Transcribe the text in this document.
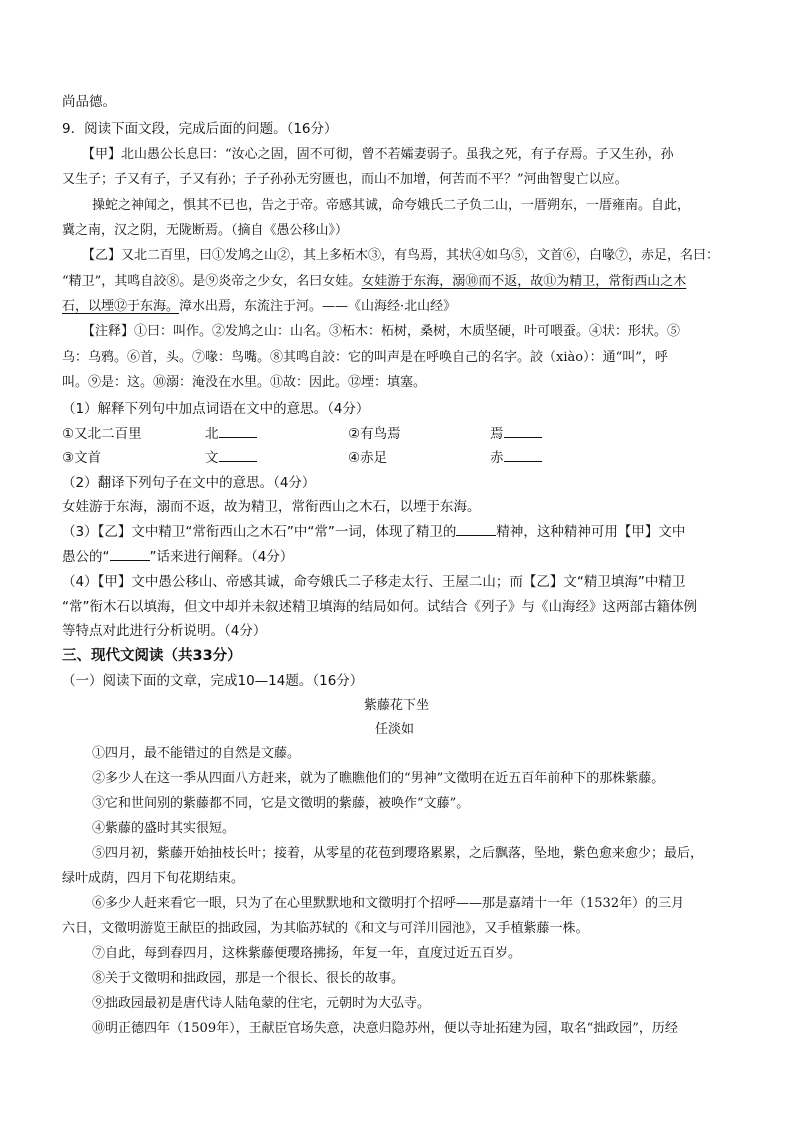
尚品德。
9．阅读下面文段，完成后面的问题。（16分）
【甲】北山愚公长息曰：“汝心之固，固不可彻，曾不若孀妻弱子。虽我之死，有子存焉。子又生孙，孙
又生子；子又有子，子又有孙；子子孙孙无穷匮也，而山不加增，何苦而不平？”河曲智叟亡以应。
操蛇之神闻之，惧其不已也，告之于帝。帝感其诚，命夸娥氏二子负二山，一厝朔东，一厝雍南。自此，
冀之南，汉之阴，无陇断焉。（摘自《愚公移山》）
【乙】又北二百里，曰①发鸠之山②，其上多柘木③，有鸟焉，其状④如乌⑤，文首⑥，白喙⑦，赤足，名曰：
“精卫”，其鸣自詨⑧。是⑨炎帝之少女，名曰女娃。女娃游于东海，溺⑩而不返，故⑪为精卫，常衔西山之木
石，以堙⑫于东海。漳水出焉，东流注于河。——《山海经·北山经》
【注释】①曰：叫作。②发鸠之山：山名。③柘木：柘树，桑树，木质坚硬，叶可喂蚕。④状：形状。⑤
乌：乌鸦。⑥首，头。⑦喙：鸟嘴。⑧其鸣自詨：它的叫声是在呼唤自己的名字。詨（xiào）：通“叫”，呼
叫。⑨是：这。⑩溺：淹没在水里。⑪故：因此。⑫堙：填塞。
（1）解释下列句中加点词语在文中的意思。（4分）
①又北二百里	北	②有鸟焉	焉
③文首	文	④赤足	赤
（2）翻译下列句子在文中的意思。（4分）
女娃游于东海，溺而不返，故为精卫，常衔西山之木石，以堙于东海。
（3）【乙】文中精卫“常衔西山之木石”中“常”一词，体现了精卫的	精神，这种精神可用【甲】文中
愚公的“	”话来进行阐释。（4分）
（4）【甲】文中愚公移山、帝感其诚，命夸娥氏二子移走太行、王屋二山；而【乙】文“精卫填海”中精卫
“常”衔木石以填海，但文中却并未叙述精卫填海的结局如何。试结合《列子》与《山海经》这两部古籍体例
等特点对此进行分析说明。（4分）
三、现代文阅读（共33分）
（一）阅读下面的文章，完成10—14题。（16分）
紫藤花下坐
任淡如
①四月，最不能错过的自然是文藤。
②多少人在这一季从四面八方赶来，就为了瞧瞧他们的“男神”文徵明在近五百年前种下的那株紫藤。
③它和世间别的紫藤都不同，它是文徵明的紫藤，被唤作“文藤”。
④紫藤的盛时其实很短。
⑤四月初，紫藤开始抽枝长叶；接着，从零星的花苞到璎珞累累，之后飘落，坠地，紫色愈来愈少；最后，
绿叶成荫，四月下旬花期结束。
⑥多少人赶来看它一眼，只为了在心里默默地和文徵明打个招呼——那是嘉靖十一年（1532年）的三月
六日，文徵明游览王献臣的拙政园，为其临苏轼的《和文与可洋川园池》，又手植紫藤一株。
⑦自此，每到春四月，这株紫藤便璎珞拂扬，年复一年，直度过近五百岁。
⑧关于文徵明和拙政园，那是一个很长、很长的故事。
⑨拙政园最初是唐代诗人陆龟蒙的住宅，元朝时为大弘寺。
⑩明正德四年（1509年），王献臣官场失意，决意归隐苏州，便以寺址拓建为园，取名“拙政园”，历经
